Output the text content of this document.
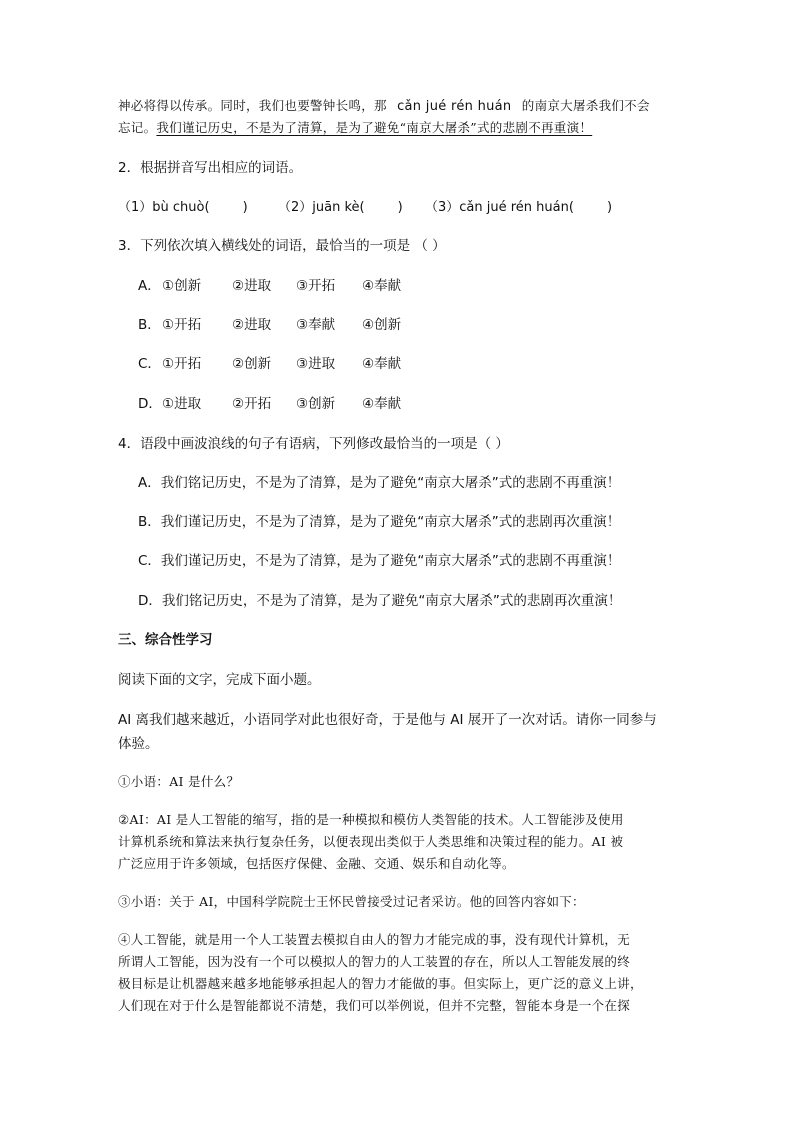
神必将得以传承。同时，我们也要警钟长鸣，那 cǎn jué rén huán 的南京大屠杀我们不会
忘记。我们谨记历史，不是为了清算，是为了避免“南京大屠杀”式的悲剧不再重演！
2．根据拼音写出相应的词语。
（1）bù chuò(        ) （2）juān kè(        ) （3）cǎn jué rén huán(        )
3．下列依次填入横线处的词语，最恰当的一项是 （ ）
A． ①创新 ②进取 ③开拓 ④奉献
B． ①开拓 ②进取 ③奉献 ④创新
C． ①开拓 ②创新 ③进取 ④奉献
D． ①进取 ②开拓 ③创新 ④奉献
4．语段中画波浪线的句子有语病，下列修改最恰当的一项是（ ）
A．我们铭记历史，不是为了清算，是为了避免“南京大屠杀”式的悲剧不再重演！
B．我们谨记历史，不是为了清算，是为了避免“南京大屠杀”式的悲剧再次重演！
C．我们谨记历史，不是为了清算，是为了避免“南京大屠杀”式的悲剧不再重演！
D．我们铭记历史，不是为了清算，是为了避免“南京大屠杀”式的悲剧再次重演！
三、综合性学习
阅读下面的文字，完成下面小题。
AI 离我们越来越近，小语同学对此也很好奇，于是他与 AI 展开了一次对话。请你一同参与
体验。
①小语：AI 是什么？
②AI：AI 是人工智能的缩写，指的是一种模拟和模仿人类智能的技术。人工智能涉及使用
计算机系统和算法来执行复杂任务，以便表现出类似于人类思维和决策过程的能力。AI 被
广泛应用于许多领域，包括医疗保健、金融、交通、娱乐和自动化等。
③小语：关于 AI，中国科学院院士王怀民曾接受过记者采访。他的回答内容如下：
④人工智能，就是用一个人工装置去模拟自由人的智力才能完成的事，没有现代计算机，无
所谓人工智能，因为没有一个可以模拟人的智力的人工装置的存在，所以人工智能发展的终
极目标是让机器越来越多地能够承担起人的智力才能做的事。但实际上，更广泛的意义上讲，
人们现在对于什么是智能都说不清楚，我们可以举例说，但并不完整，智能本身是一个在探
